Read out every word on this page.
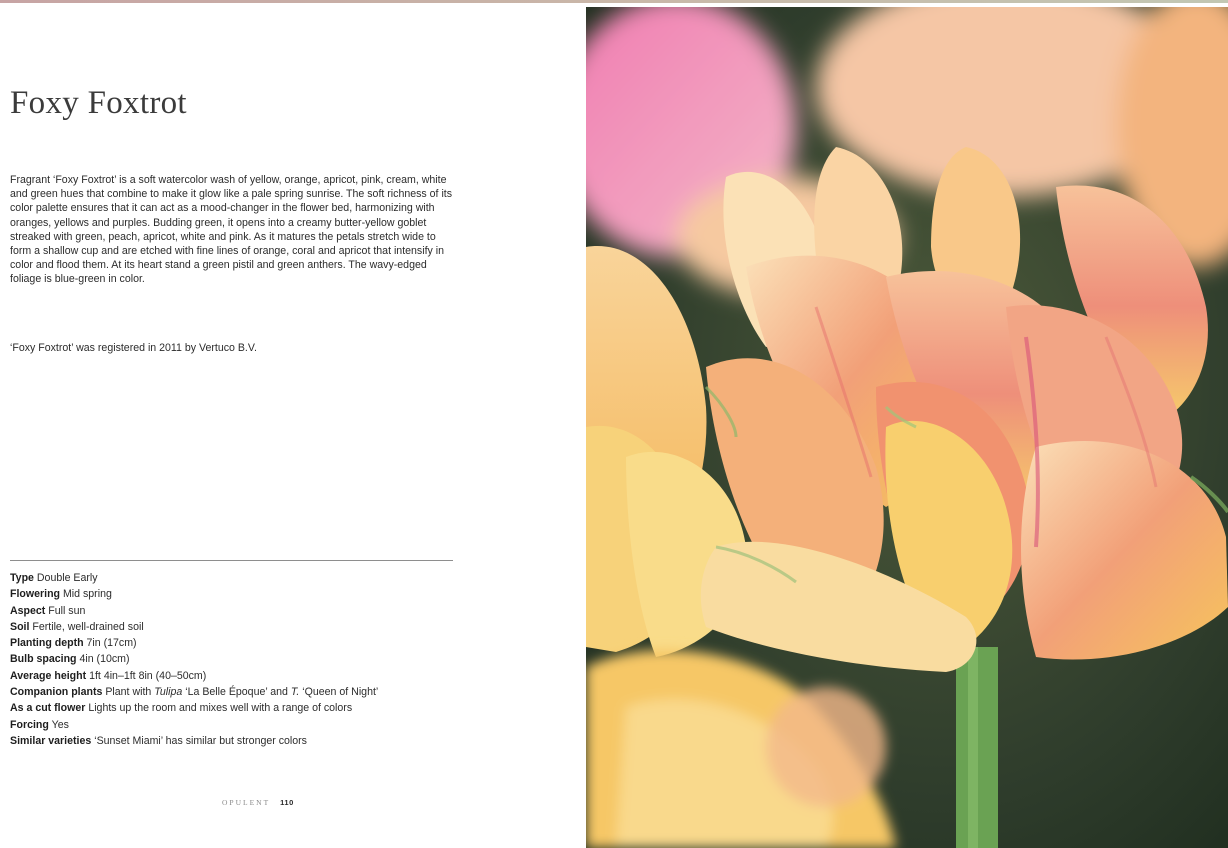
Foxy Foxtrot

Fragrant ‘Foxy Foxtrot’ is a soft watercolor wash of yellow, orange, apricot, pink, cream, white and green hues that combine to make it glow like a pale spring sunrise. The soft richness of its color palette ensures that it can act as a mood-changer in the flower bed, harmonizing with oranges, yellows and purples. Budding green, it opens into a creamy butter-yellow goblet streaked with green, peach, apricot, white and pink. As it matures the petals stretch wide to form a shallow cup and are etched with fine lines of orange, coral and apricot that intensify in color and flood them. At its heart stand a green pistil and green anthers. The wavy-edged foliage is blue-green in color.

‘Foxy Foxtrot’ was registered in 2011 by Vertuco B.V.

Type Double Early
Flowering Mid spring
Aspect Full sun
Soil Fertile, well-drained soil
Planting depth 7in (17cm)
Bulb spacing 4in (10cm)
Average height 1ft 4in–1ft 8in (40–50cm)
Companion plants Plant with Tulipa ‘La Belle Époque’ and T. ‘Queen of Night’
As a cut flower Lights up the room and mixes well with a range of colors
Forcing Yes
Similar varieties ‘Sunset Miami’ has similar but stronger colors
OPULENT 110
